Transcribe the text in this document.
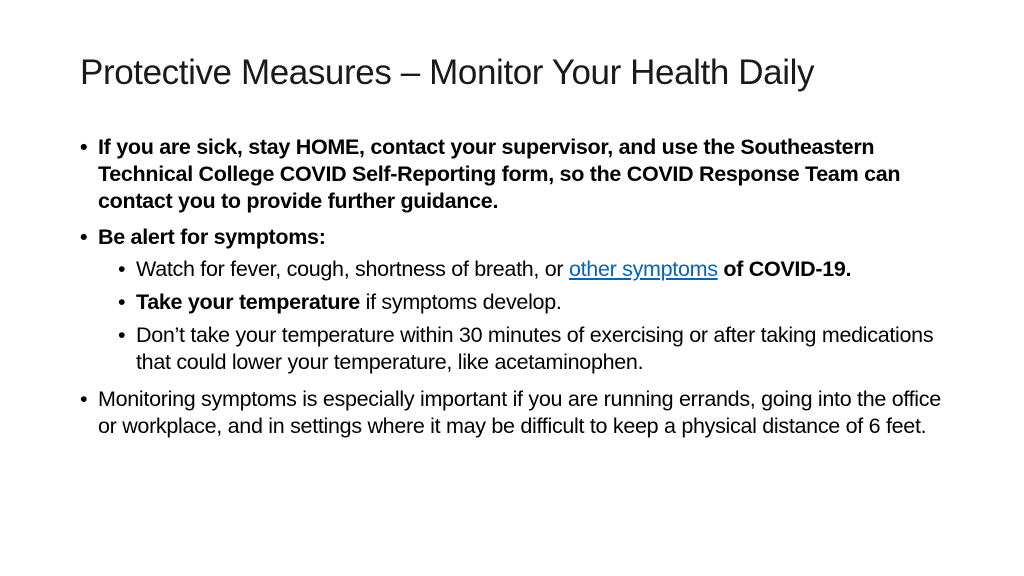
Protective Measures – Monitor Your Health Daily
• If you are sick, stay HOME, contact your supervisor, and use the Southeastern Technical College COVID Self-Reporting form, so the COVID Response Team can contact you to provide further guidance.
• Be alert for symptoms:
• Watch for fever, cough, shortness of breath, or other symptoms of COVID-19.
• Take your temperature if symptoms develop.
• Don’t take your temperature within 30 minutes of exercising or after taking medications that could lower your temperature, like acetaminophen.
• Monitoring symptoms is especially important if you are running errands, going into the office or workplace, and in settings where it may be difficult to keep a physical distance of 6 feet.
